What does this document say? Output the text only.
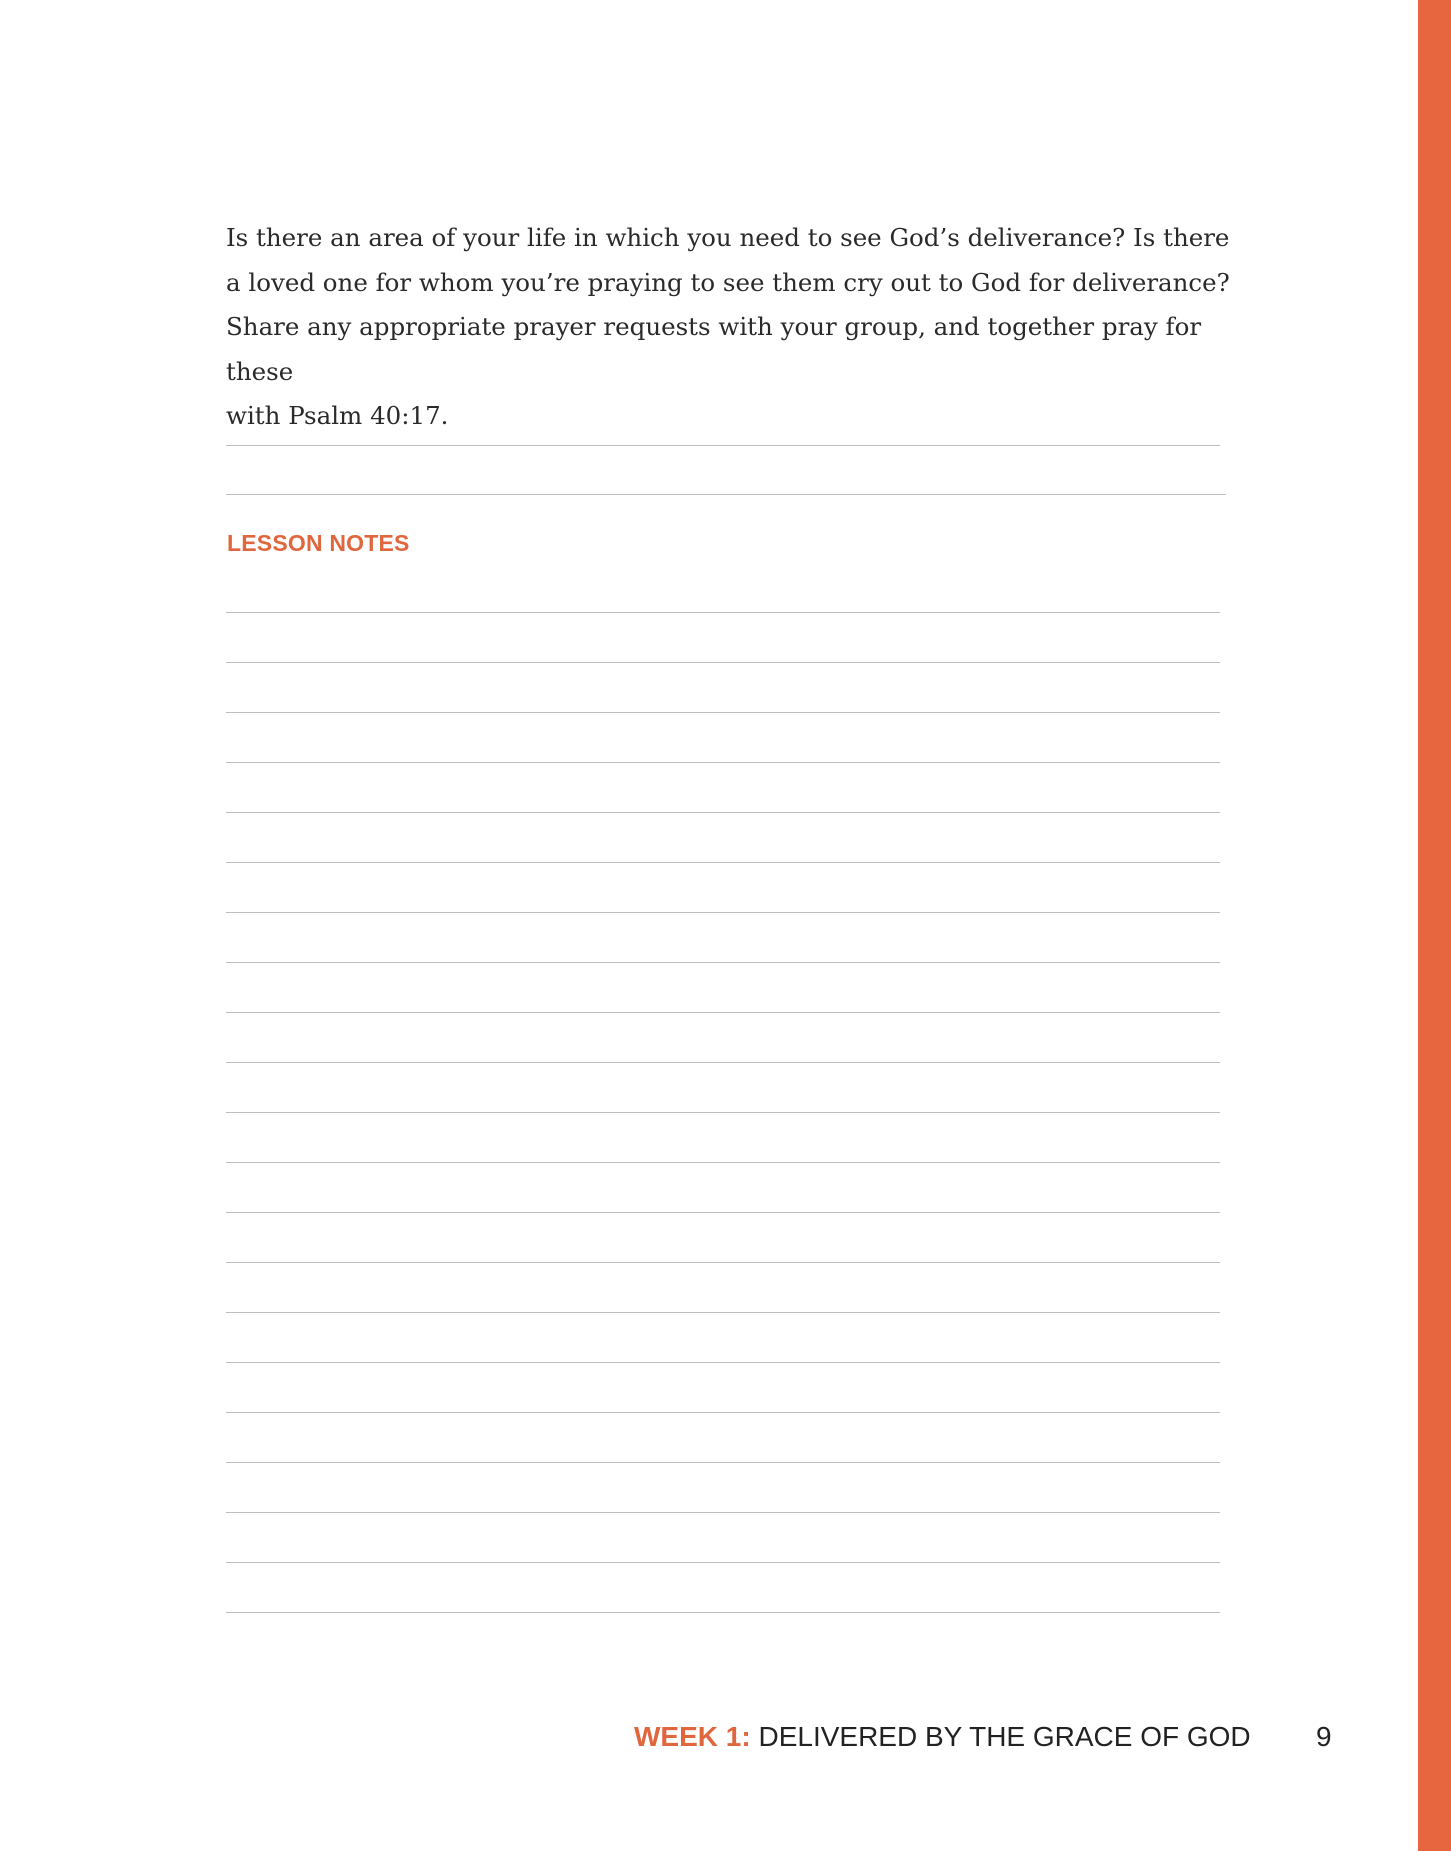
Is there an area of your life in which you need to see God’s deliverance? Is there
a loved one for whom you’re praying to see them cry out to God for deliverance?
Share any appropriate prayer requests with your group, and together pray for these
with Psalm 40:17.

LESSON NOTES
WEEK 1: DELIVERED BY THE GRACE OF GOD 9
